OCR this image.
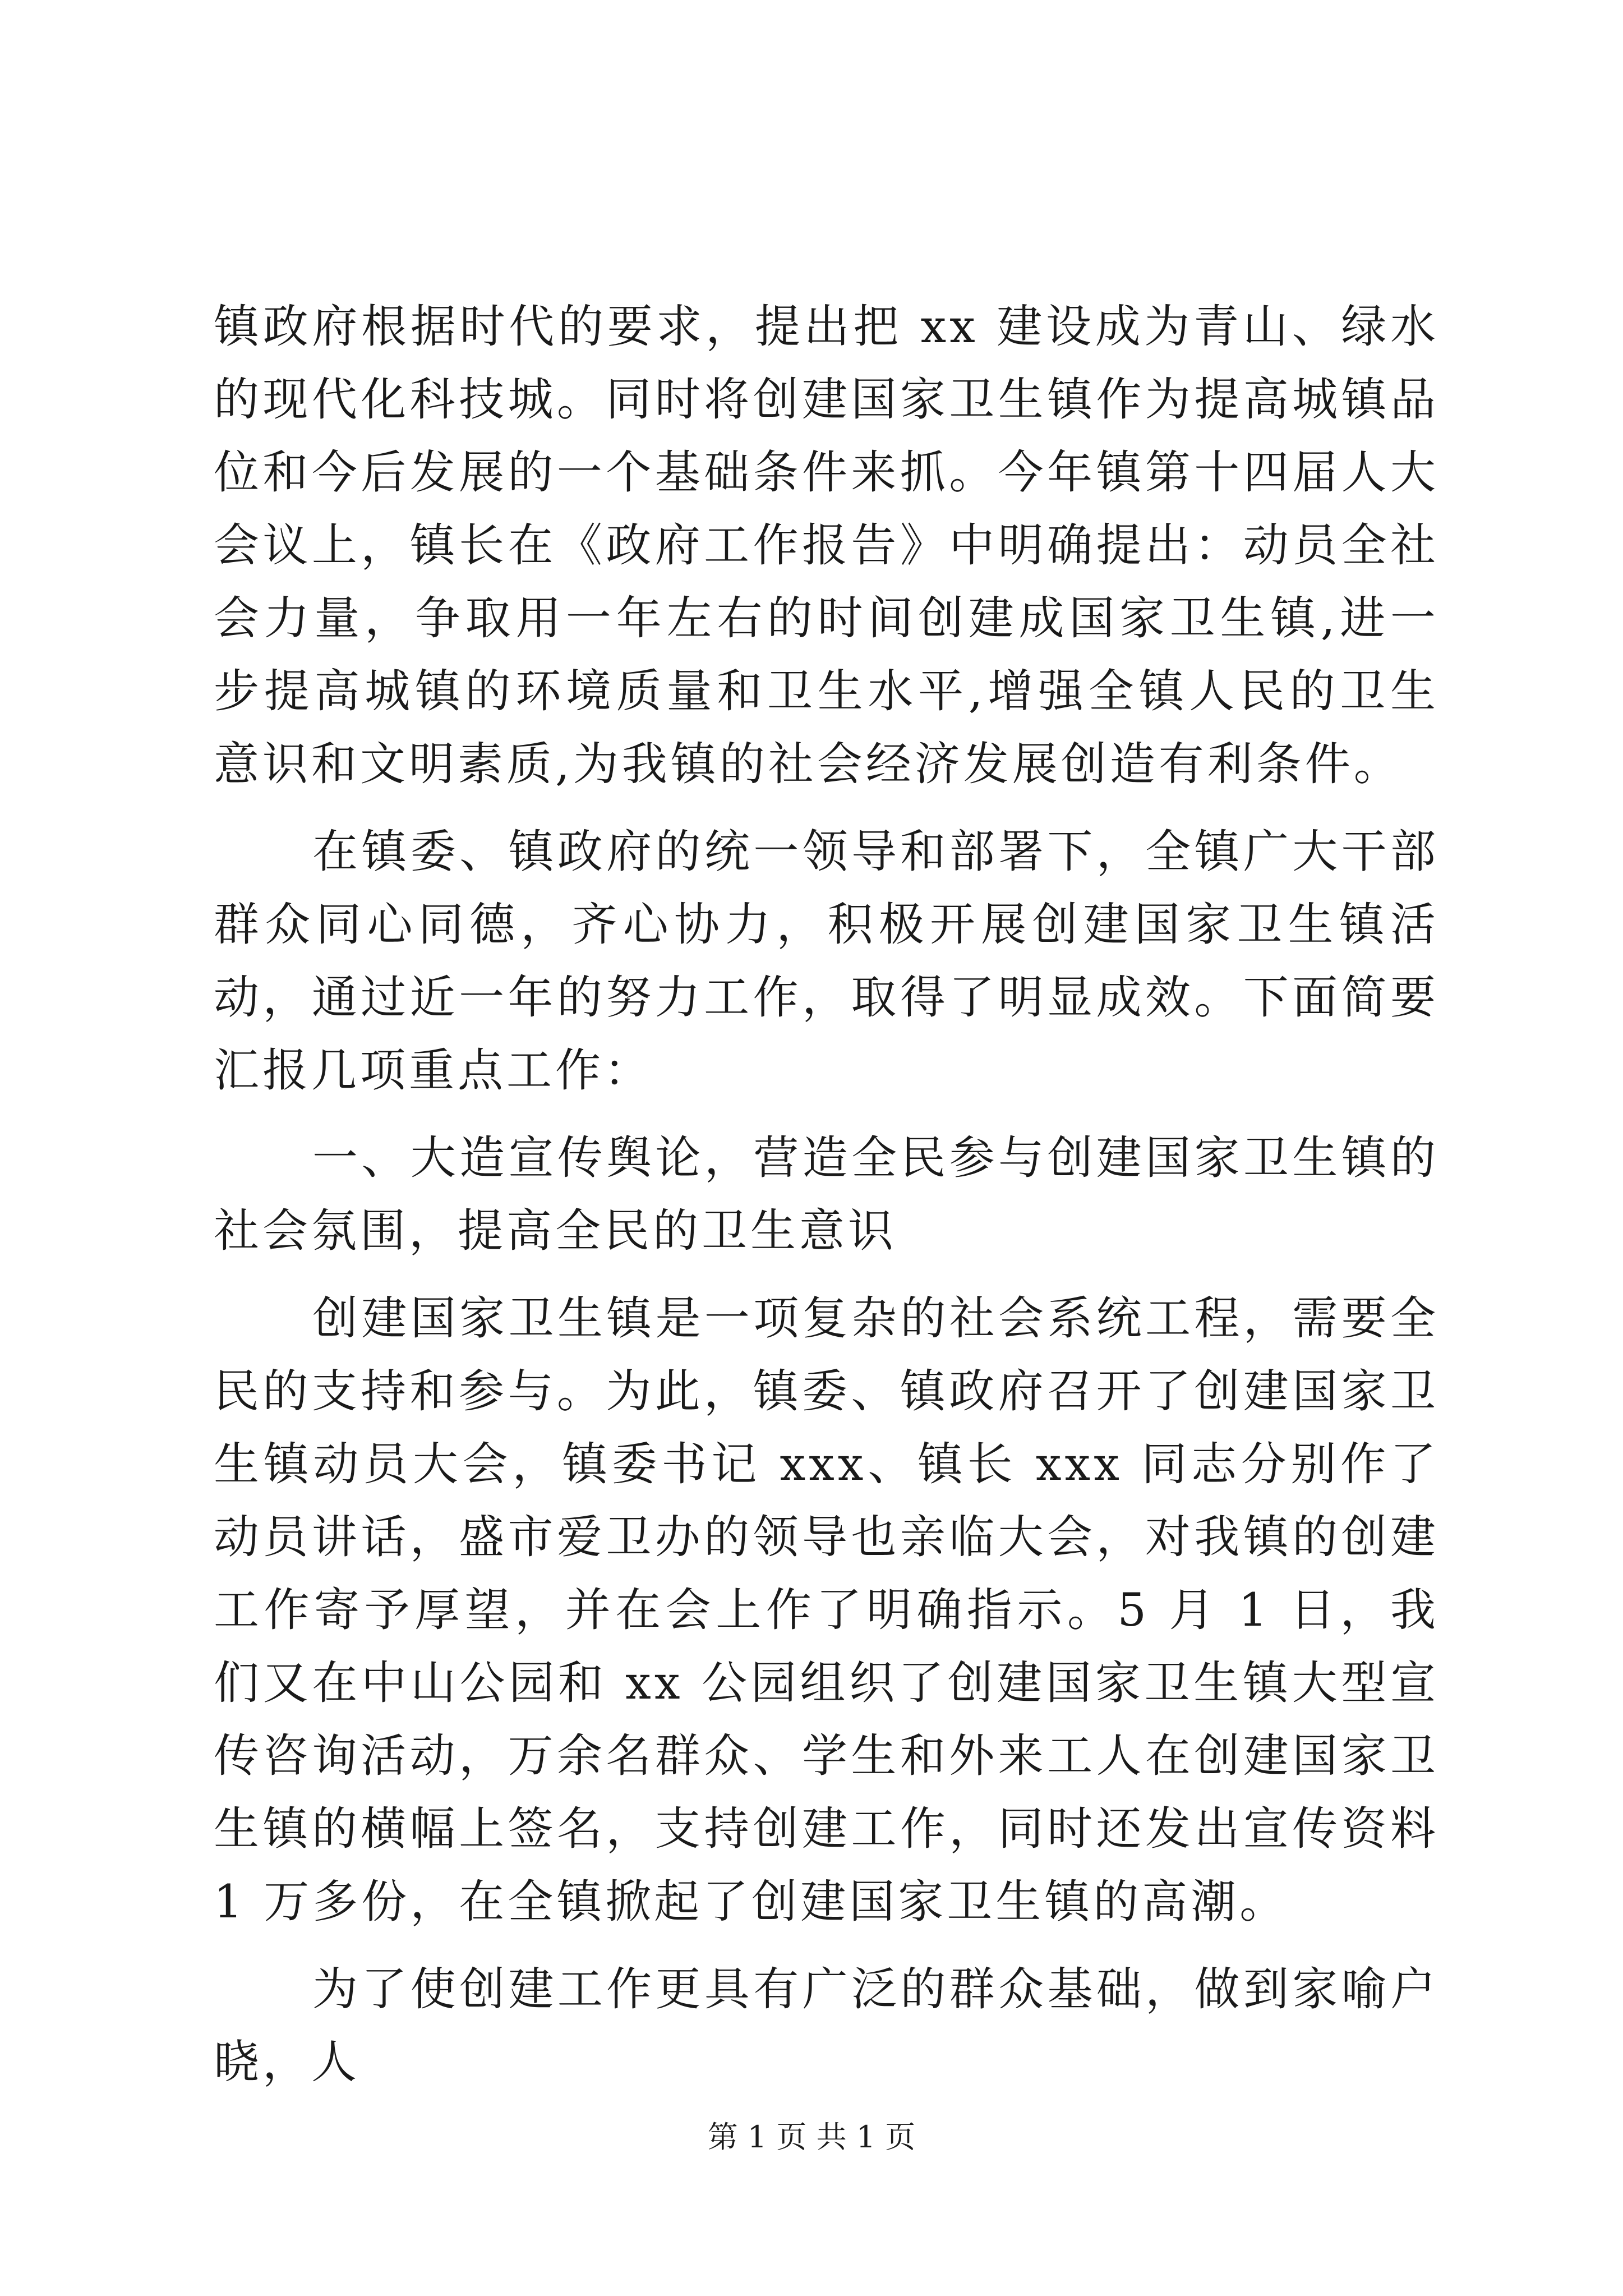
镇政府根据时代的要求，提出把 xx 建设成为青山、绿水的现代化科技城。同时将创建国家卫生镇作为提高城镇品位和今后发展的一个基础条件来抓。今年镇第十四届人大会议上，镇长在《政府工作报告》中明确提出：动员全社会力量，争取用一年左右的时间创建成国家卫生镇,进一步提高城镇的环境质量和卫生水平,增强全镇人民的卫生意识和文明素质,为我镇的社会经济发展创造有利条件。

在镇委、镇政府的统一领导和部署下，全镇广大干部群众同心同德，齐心协力，积极开展创建国家卫生镇活动，通过近一年的努力工作，取得了明显成效。下面简要汇报几项重点工作：

一、大造宣传舆论，营造全民参与创建国家卫生镇的社会氛围，提高全民的卫生意识

创建国家卫生镇是一项复杂的社会系统工程，需要全民的支持和参与。为此，镇委、镇政府召开了创建国家卫生镇动员大会，镇委书记 xxx、镇长 xxx 同志分别作了动员讲话，盛市爱卫办的领导也亲临大会，对我镇的创建工作寄予厚望，并在会上作了明确指示。5 月 1 日，我们又在中山公园和 xx 公园组织了创建国家卫生镇大型宣传咨询活动，万余名群众、学生和外来工人在创建国家卫生镇的横幅上签名，支持创建工作，同时还发出宣传资料 1 万多份，在全镇掀起了创建国家卫生镇的高潮。

为了使创建工作更具有广泛的群众基础，做到家喻户晓，人

第 1 页 共 1 页
